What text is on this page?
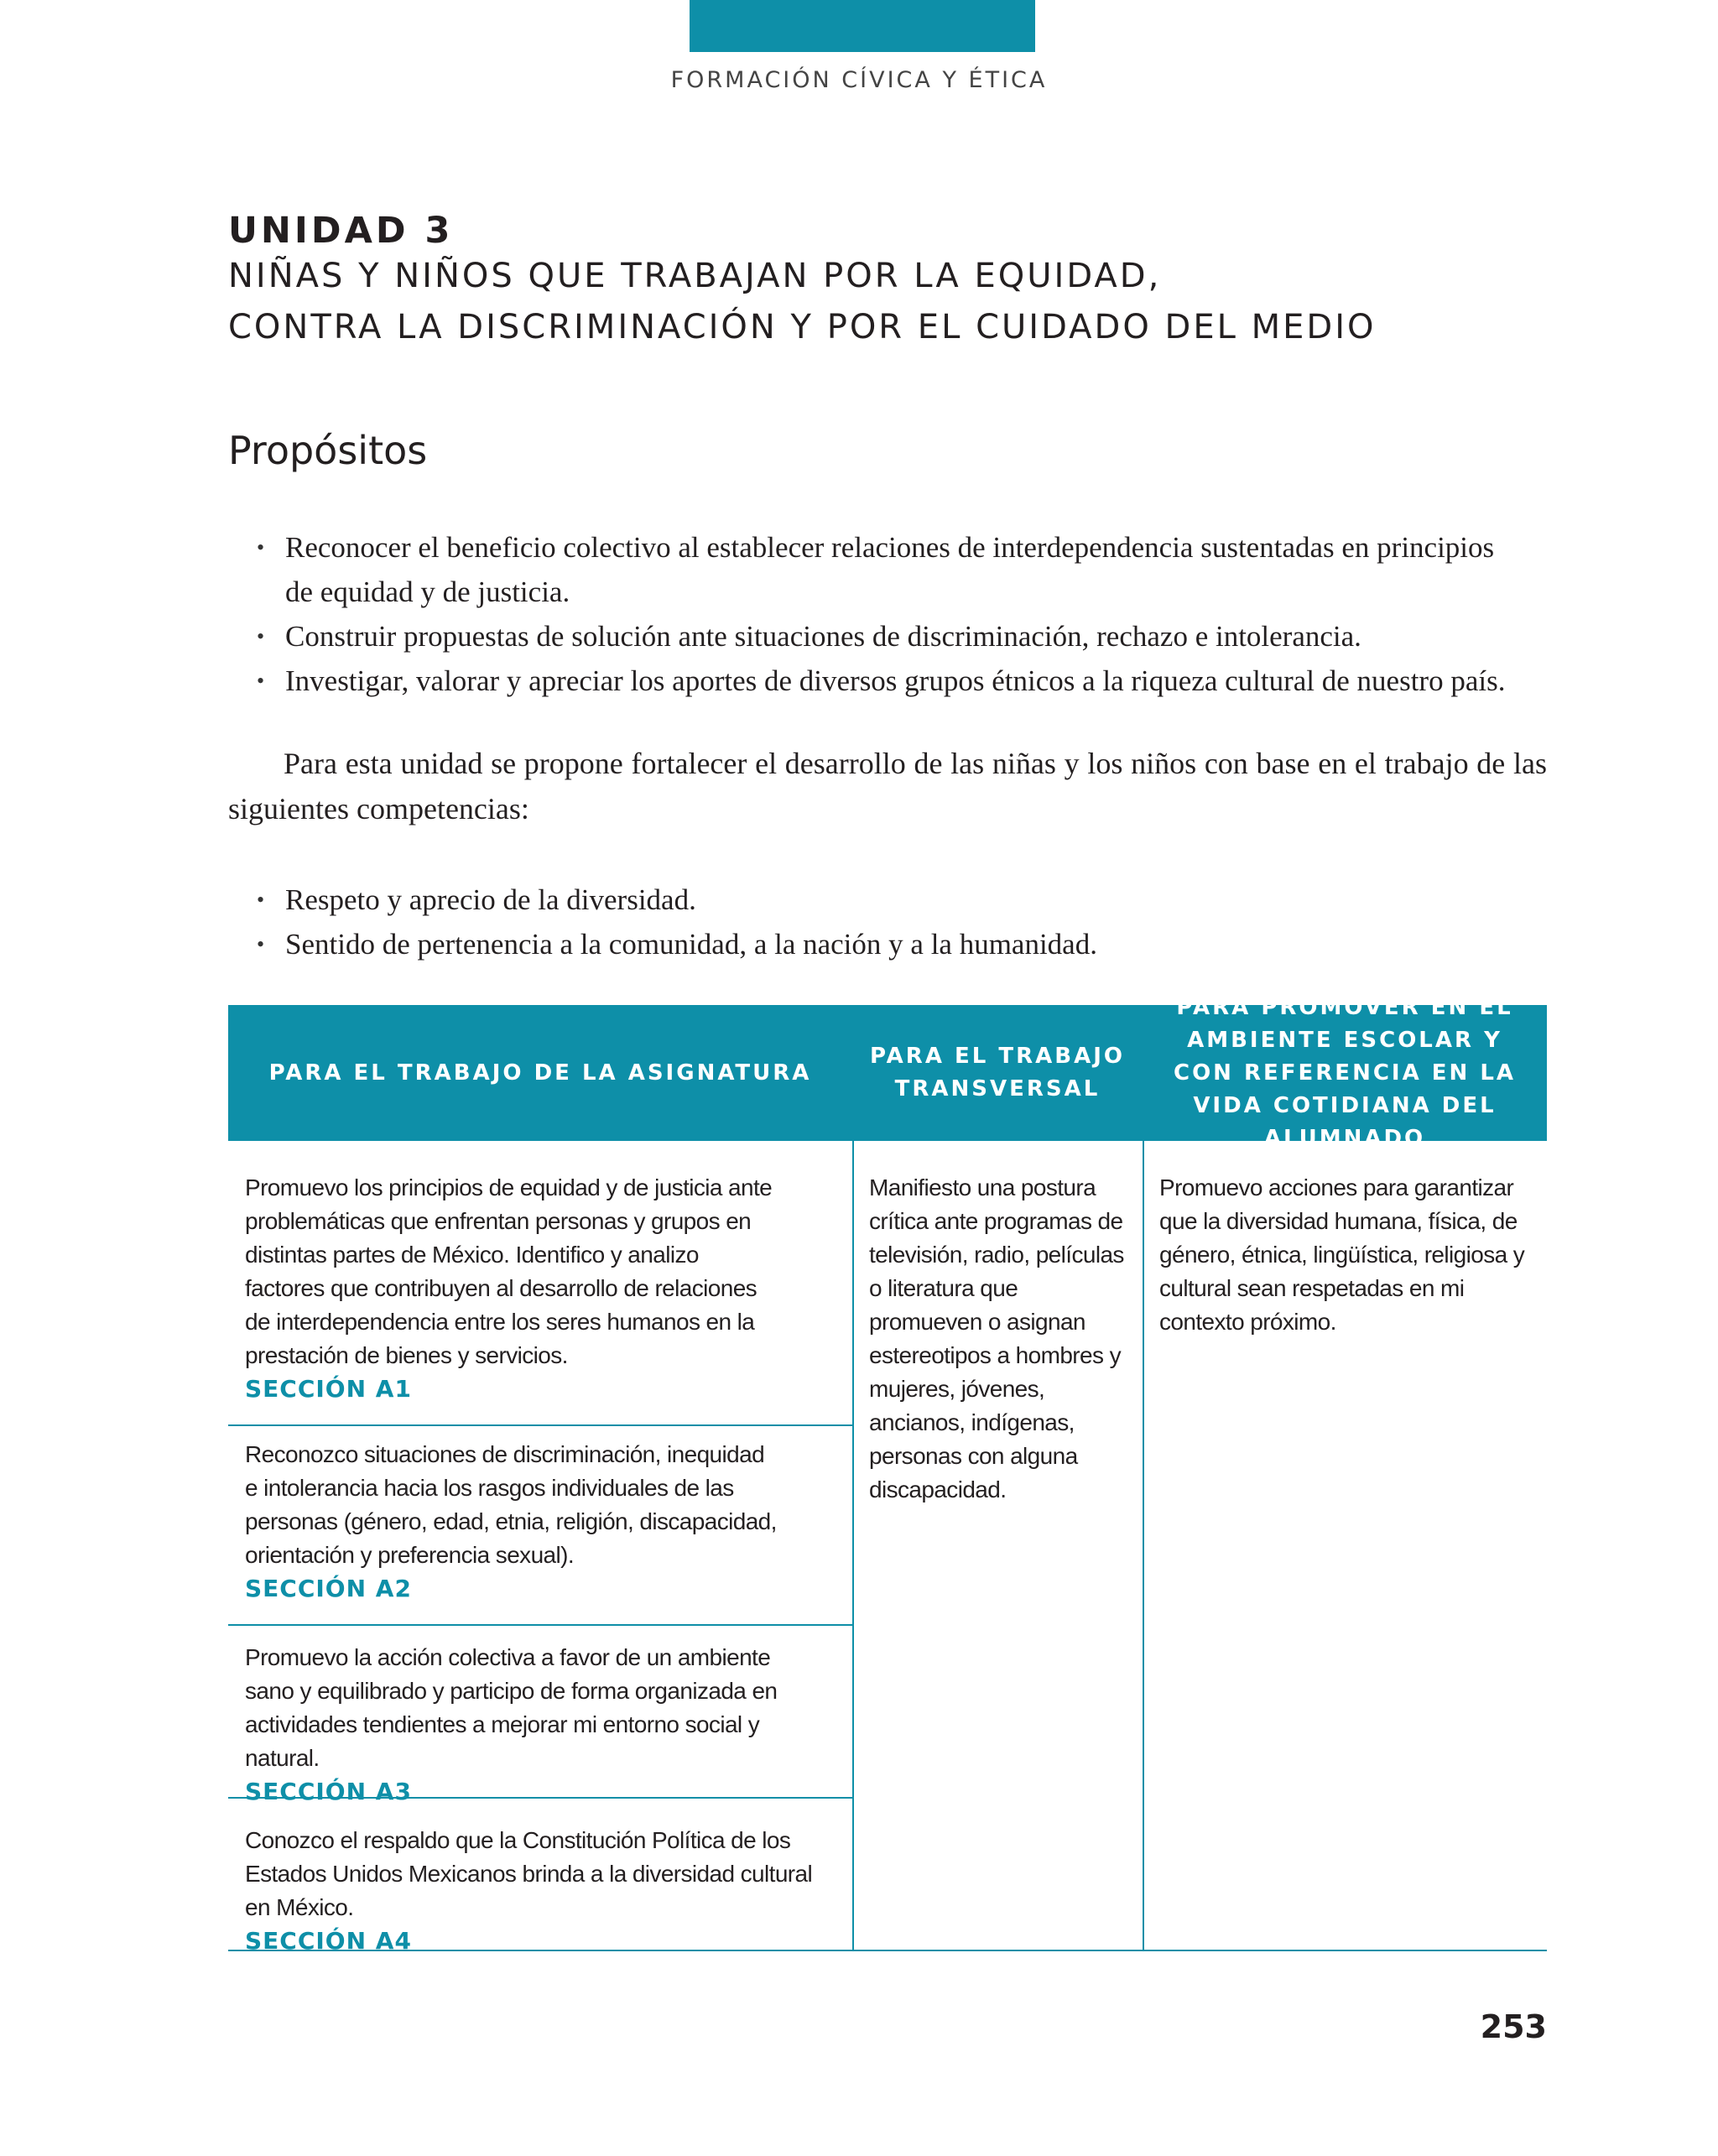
FORMACIÓN CÍVICA Y ÉTICA
UNIDAD 3
NIÑAS Y NIÑOS QUE TRABAJAN POR LA EQUIDAD,
CONTRA LA DISCRIMINACIÓN Y POR EL CUIDADO DEL MEDIO
Propósitos
• Reconocer el beneficio colectivo al establecer relaciones de interdependencia sustentadas en principios de equidad y de justicia.
• Construir propuestas de solución ante situaciones de discriminación, rechazo e intolerancia.
• Investigar, valorar y apreciar los aportes de diversos grupos étnicos a la riqueza cultural de nuestro país.

Para esta unidad se propone fortalecer el desarrollo de las niñas y los niños con base en el trabajo de las siguientes competencias:

• Respeto y aprecio de la diversidad.
• Sentido de pertenencia a la comunidad, a la nación y a la humanidad.
PARA EL TRABAJO DE LA ASIGNATURA
PARA EL TRABAJO TRANSVERSAL
PARA PROMOVER EN EL AMBIENTE ESCOLAR Y CON REFERENCIA EN LA VIDA COTIDIANA DEL ALUMNADO
Promuevo los principios de equidad y de justicia ante problemáticas que enfrentan personas y grupos en distintas partes de México. Identifico y analizo factores que contribuyen al desarrollo de relaciones de interdependencia entre los seres humanos en la prestación de bienes y servicios.
SECCIÓN A1
Reconozco situaciones de discriminación, inequidad e intolerancia hacia los rasgos individuales de las personas (género, edad, etnia, religión, discapacidad, orientación y preferencia sexual).
SECCIÓN A2
Promuevo la acción colectiva a favor de un ambiente sano y equilibrado y participo de forma organizada en actividades tendientes a mejorar mi entorno social y natural.
SECCIÓN A3
Conozco el respaldo que la Constitución Política de los Estados Unidos Mexicanos brinda a la diversidad cultural en México.
SECCIÓN A4
Manifiesto una postura crítica ante programas de televisión, radio, películas o literatura que promueven o asignan estereotipos a hombres y mujeres, jóvenes, ancianos, indígenas, personas con alguna discapacidad.
Promuevo acciones para garantizar que la diversidad humana, física, de género, étnica, lingüística, religiosa y cultural sean respetadas en mi contexto próximo.
253
